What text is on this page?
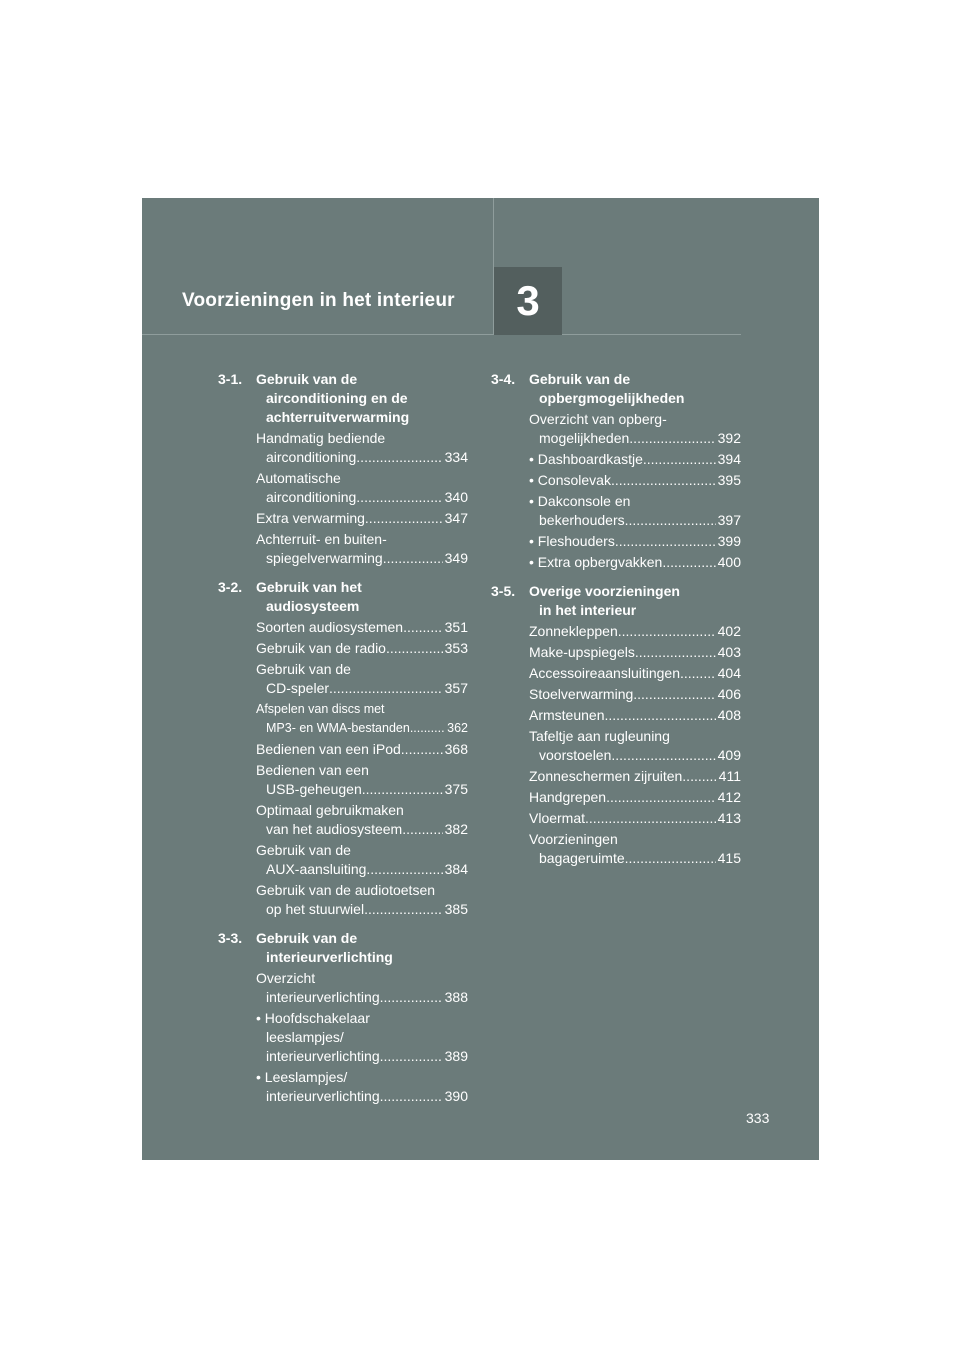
Voorzieningen in het interieur 3
3-1. Gebruik van de
airconditioning en de
achterruitverwarming
Handmatig bediende
airconditioning .....	334
Automatische
airconditioning .....	340
Extra verwarming .....	347
Achterruit- en buiten-
spiegelverwarming .....	349
3-2. Gebruik van het
audiosysteem
Soorten audiosystemen .....	351
Gebruik van de radio .....	353
Gebruik van de
CD-speler .....	357
Afspelen van discs met
MP3- en WMA-bestanden .....	362
Bedienen van een iPod .....	368
Bedienen van een
USB-geheugen .....	375
Optimaal gebruikmaken
van het audiosysteem .....	382
Gebruik van de
AUX-aansluiting .....	384
Gebruik van de audiotoetsen
op het stuurwiel .....	385
3-3. Gebruik van de
interieurverlichting
Overzicht
interieurverlichting .....	388
• Hoofdschakelaar
leeslampjes/
interieurverlichting .....	389
• Leeslampjes/
interieurverlichting .....	390
3-4. Gebruik van de
opbergmogelijkheden
Overzicht van opberg-
mogelijkheden .....	392
• Dashboardkastje .....	394
• Consolevak .....	395
• Dakconsole en
bekerhouders .....	397
• Fleshouders .....	399
• Extra opbergvakken .....	400
3-5. Overige voorzieningen
in het interieur
Zonnekleppen .....	402
Make-upspiegels .....	403
Accessoireaansluitingen .....	404
Stoelverwarming .....	406
Armsteunen .....	408
Tafeltje aan rugleuning
voorstoelen .....	409
Zonneschermen zijruiten .....	411
Handgrepen .....	412
Vloermat .....	413
Voorzieningen
bagageruimte .....	415
333
